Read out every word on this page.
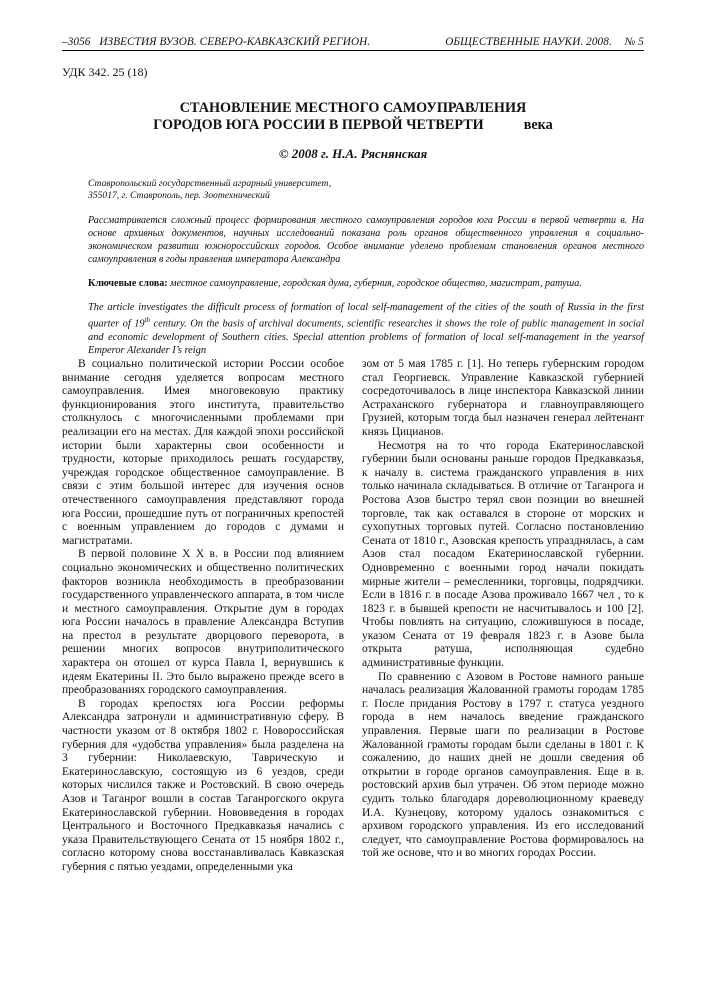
–3056 ИЗВЕСТИЯ ВУЗОВ. СЕВЕРО-КАВКАЗСКИЙ РЕГИОН.	ОБЩЕСТВЕННЫЕ НАУКИ. 2008. № 5
УДК 342. 25 (18)
СТАНОВЛЕНИЕ МЕСТНОГО САМОУПРАВЛЕНИЯ
ГОРОДОВ ЮГА РОССИИ В ПЕРВОЙ ЧЕТВЕРТИ	века
© 2008 г. Н.А. Ряснянская
Ставропольский государственный аграрный университет,
355017, г. Ставрополь, пер. Зоотехнический
Рассматривается сложный процесс формирования местного самоуправления городов юга России в первой четверти в. На основе архивных документов, научных исследований показана роль органов общественного управления в социально-экономическом развитии южнороссийских городов. Особое внимание уделено проблемам становления органов местного самоуправления в годы правления императора Александра
Ключевые слова: местное самоуправление, городская дума, губерния, городское общество, магистрат, ратуша.
The article investigates the difficult process of formation of local self-management of the cities of the south of Russia in the first quarter of 19th century. On the basis of archival documents, scientific researches it shows the role of public management in social and economic development of Southern cities. Special attention problems of formation of local self-management in the yearsof Emperor Alexander I’s reign

В социально политической истории России особое внимание сегодня уделяется вопросам местного самоуправления. Имея многовековую практику функционирования этого института, правительство столкнулось с многочисленными проблемами при реализации его на местах. Для каждой эпохи российской истории были характерны свои особенности и трудности, которые приходилось решать государству, учреждая городское общественное самоуправление. В связи с этим большой интерес для изучения основ отечественного самоуправления представляют города юга России, прошедшие путь от пограничных крепостей с военным управлением до городов с думами и магистратами.

В первой половине X X в. в России под влиянием социально экономических и общественно политических факторов возникла необходимость в преобразовании государственного управленческого аппарата, в том числе и местного самоуправления. Открытие дум в городах юга России началось в правление Александра Вступив на престол в результате дворцового переворота, в решении многих вопросов внутриполитического характера он отошел от курса Павла I, вернувшись к идеям Екатерины II. Это было выражено прежде всего в преобразованиях городского самоуправления.

В городах крепостях юга России реформы Александра затронули и административную сферу. В частности указом от 8 октября 1802 г. Новороссийская губерния для «удобства управления» была разделена на 3 губернии: Николаевскую, Таврическую и Екатеринославскую, состоящую из 6 уездов, среди которых числился также и Ростовский. В свою очередь Азов и Таганрог вошли в состав Таганрогского округа Екатеринославской губернии. Нововведения в городах Центрального и Восточного Предкавказья начались с указа Правительствующего Сената от 15 ноября 1802 г., согласно которому снова восстанавливалась Кавказская губерния с пятью уездами, определенными ука

зом от 5 мая 1785 г. [1]. Но теперь губернским городом стал Георгиевск. Управление Кавказской губернией сосредоточивалось в лице инспектора Кавказской линии Астраханского губернатора и главноуправляющего Грузией, которым тогда был назначен генерал лейтенант князь Цицианов.

Несмотря на то что города Екатеринославской губернии были основаны раньше городов Предкавказья, к началу в. система гражданского управления в них только начинала складываться. В отличие от Таганрога и Ростова Азов быстро терял свои позиции во внешней торговле, так как оставался в стороне от морских и сухопутных торговых путей. Согласно постановлению Сената от 1810 г., Азовская крепость упразднялась, а сам Азов стал посадом Екатеринославской губернии. Одновременно с военными город начали покидать мирные жители – ремесленники, торговцы, подрядчики. Если в 1816 г. в посаде Азова проживало 1667 чел , то к 1823 г. в бывшей крепости не насчитывалось и 100 [2]. Чтобы повлиять на ситуацию, сложившуюся в посаде, указом Сената от 19 февраля 1823 г. в Азове была открыта ратуша, исполняющая судебно административные функции.

По сравнению с Азовом в Ростове намного раньше началась реализация Жалованной грамоты городам 1785 г. После придания Ростову в 1797 г. статуса уездного города в нем началось введение гражданского управления. Первые шаги по реализации в Ростове Жалованной грамоты городам были сделаны в 1801 г. К сожалению, до наших дней не дошли сведения об открытии в городе органов самоуправления. Еще в в. ростовский архив был утрачен. Об этом периоде можно судить только благодаря дореволюционному краеведу И.А. Кузнецову, которому удалось ознакомиться с архивом городского управления. Из его исследований следует, что самоуправление Ростова формировалось на той же основе, что и во многих городах России.
